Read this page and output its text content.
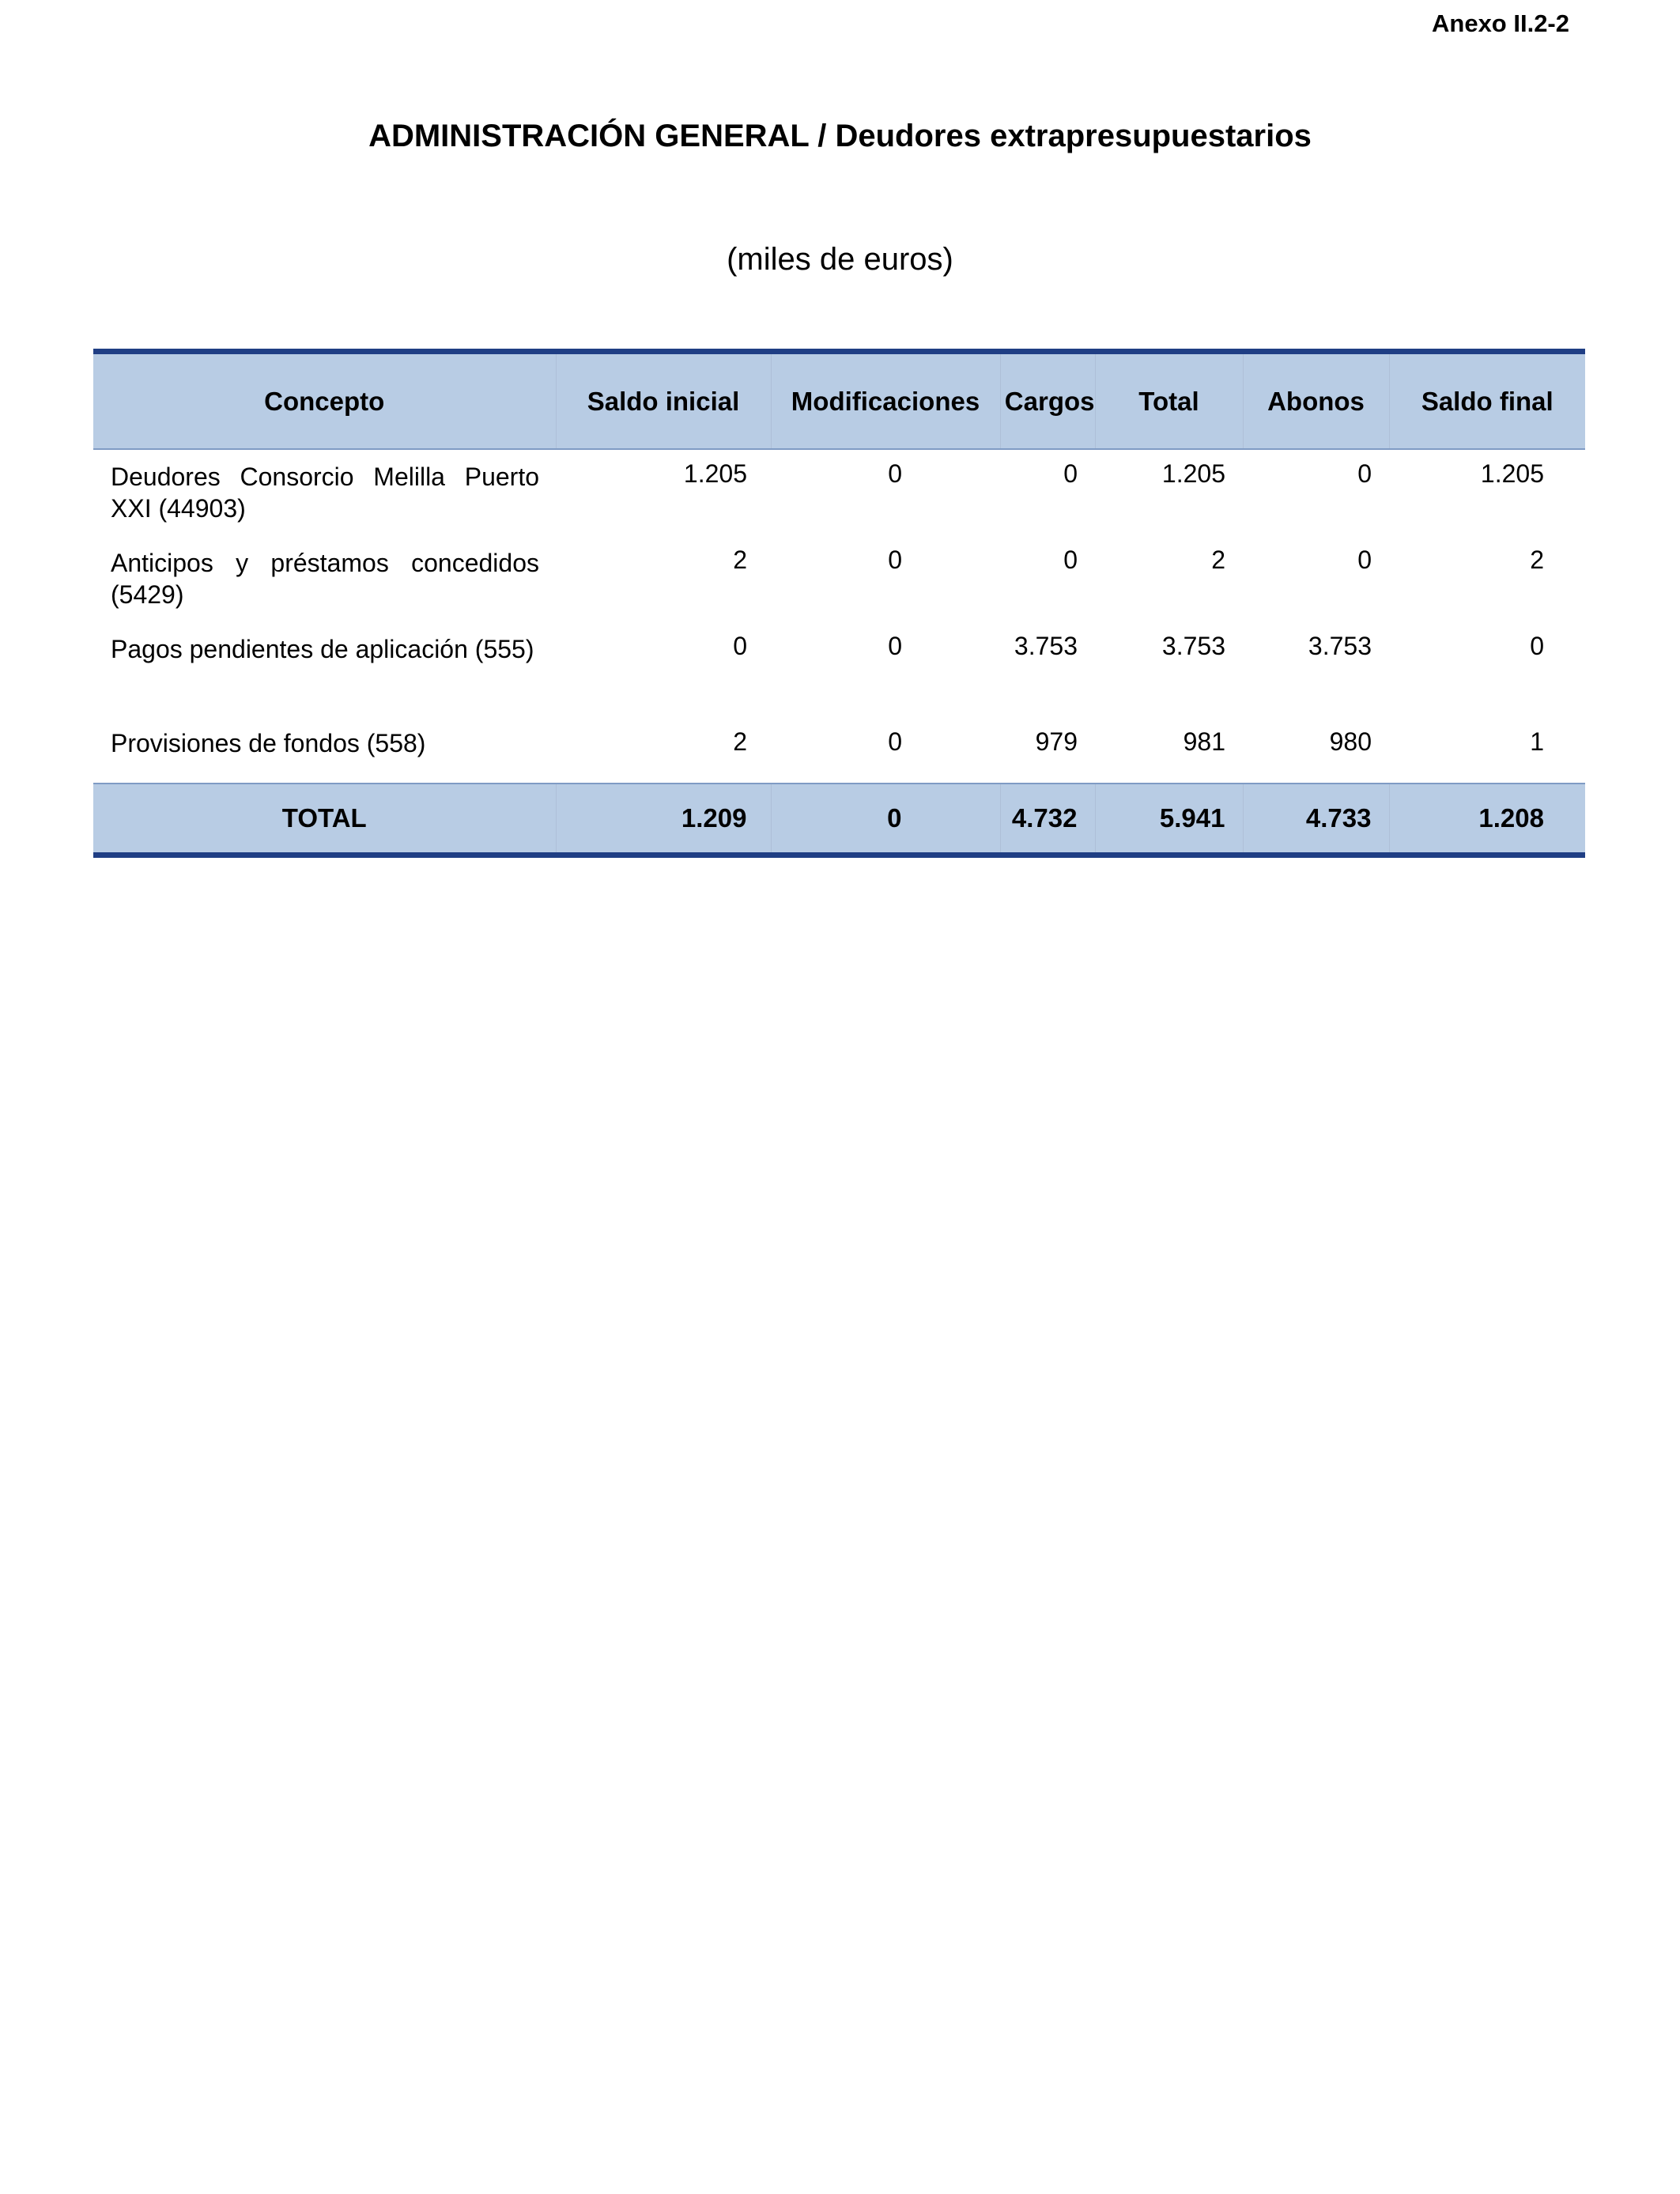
Anexo II.2-2
ADMINISTRACIÓN GENERAL / Deudores extrapresupuestarios
(miles de euros)
Concepto	Saldo inicial	Modificaciones	Cargos	Total	Abonos	Saldo final
Deudores Consorcio Melilla Puerto XXI (44903)	1.205	0	0	1.205	0	1.205
Anticipos y préstamos concedidos (5429)	2	0	0	2	0	2
Pagos pendientes de aplicación (555)	0	0	3.753	3.753	3.753	0
Provisiones de fondos (558)	2	0	979	981	980	1
TOTAL	1.209	0	4.732	5.941	4.733	1.208
